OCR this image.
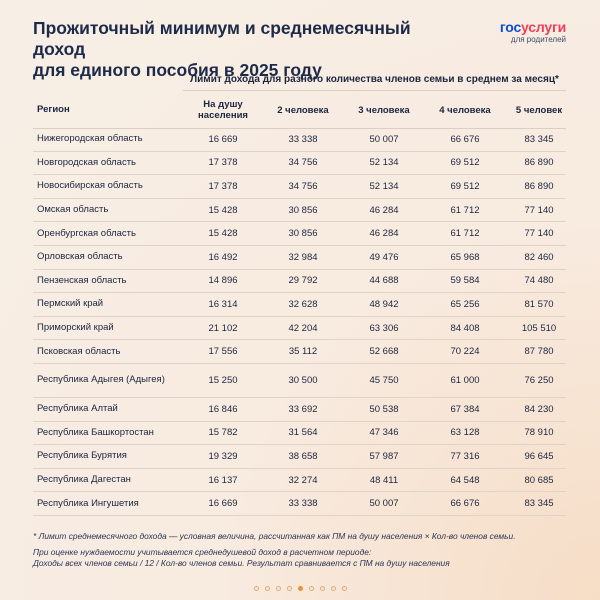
Прожиточный минимум и среднемесячный доход
для единого пособия в 2025 году
госуслуги
для родителей
Лимит дохода для разного количества членов семьи в среднем за месяц*
Регион	На душу населения	2 человека	3 человека	4 человека	5 человек
Нижегородская область	16 669	33 338	50 007	66 676	83 345
Новгородская область	17 378	34 756	52 134	69 512	86 890
Новосибирская область	17 378	34 756	52 134	69 512	86 890
Омская область	15 428	30 856	46 284	61 712	77 140
Оренбургская область	15 428	30 856	46 284	61 712	77 140
Орловская область	16 492	32 984	49 476	65 968	82 460
Пензенская область	14 896	29 792	44 688	59 584	74 480
Пермский край	16 314	32 628	48 942	65 256	81 570
Приморский край	21 102	42 204	63 306	84 408	105 510
Псковская область	17 556	35 112	52 668	70 224	87 780
Республика Адыгея (Адыгея)	15 250	30 500	45 750	61 000	76 250
Республика Алтай	16 846	33 692	50 538	67 384	84 230
Республика Башкортостан	15 782	31 564	47 346	63 128	78 910
Республика Бурятия	19 329	38 658	57 987	77 316	96 645
Республика Дагестан	16 137	32 274	48 411	64 548	80 685
Республика Ингушетия	16 669	33 338	50 007	66 676	83 345
* Лимит среднемесячного дохода — условная величина, рассчитанная как ПМ на душу населения × Кол-во членов семьи.
При оценке нуждаемости учитывается среднедушевой доход в расчетном периоде:
Доходы всех членов семьи / 12 / Кол-во членов семьи. Результат сравнивается с ПМ на душу населения
